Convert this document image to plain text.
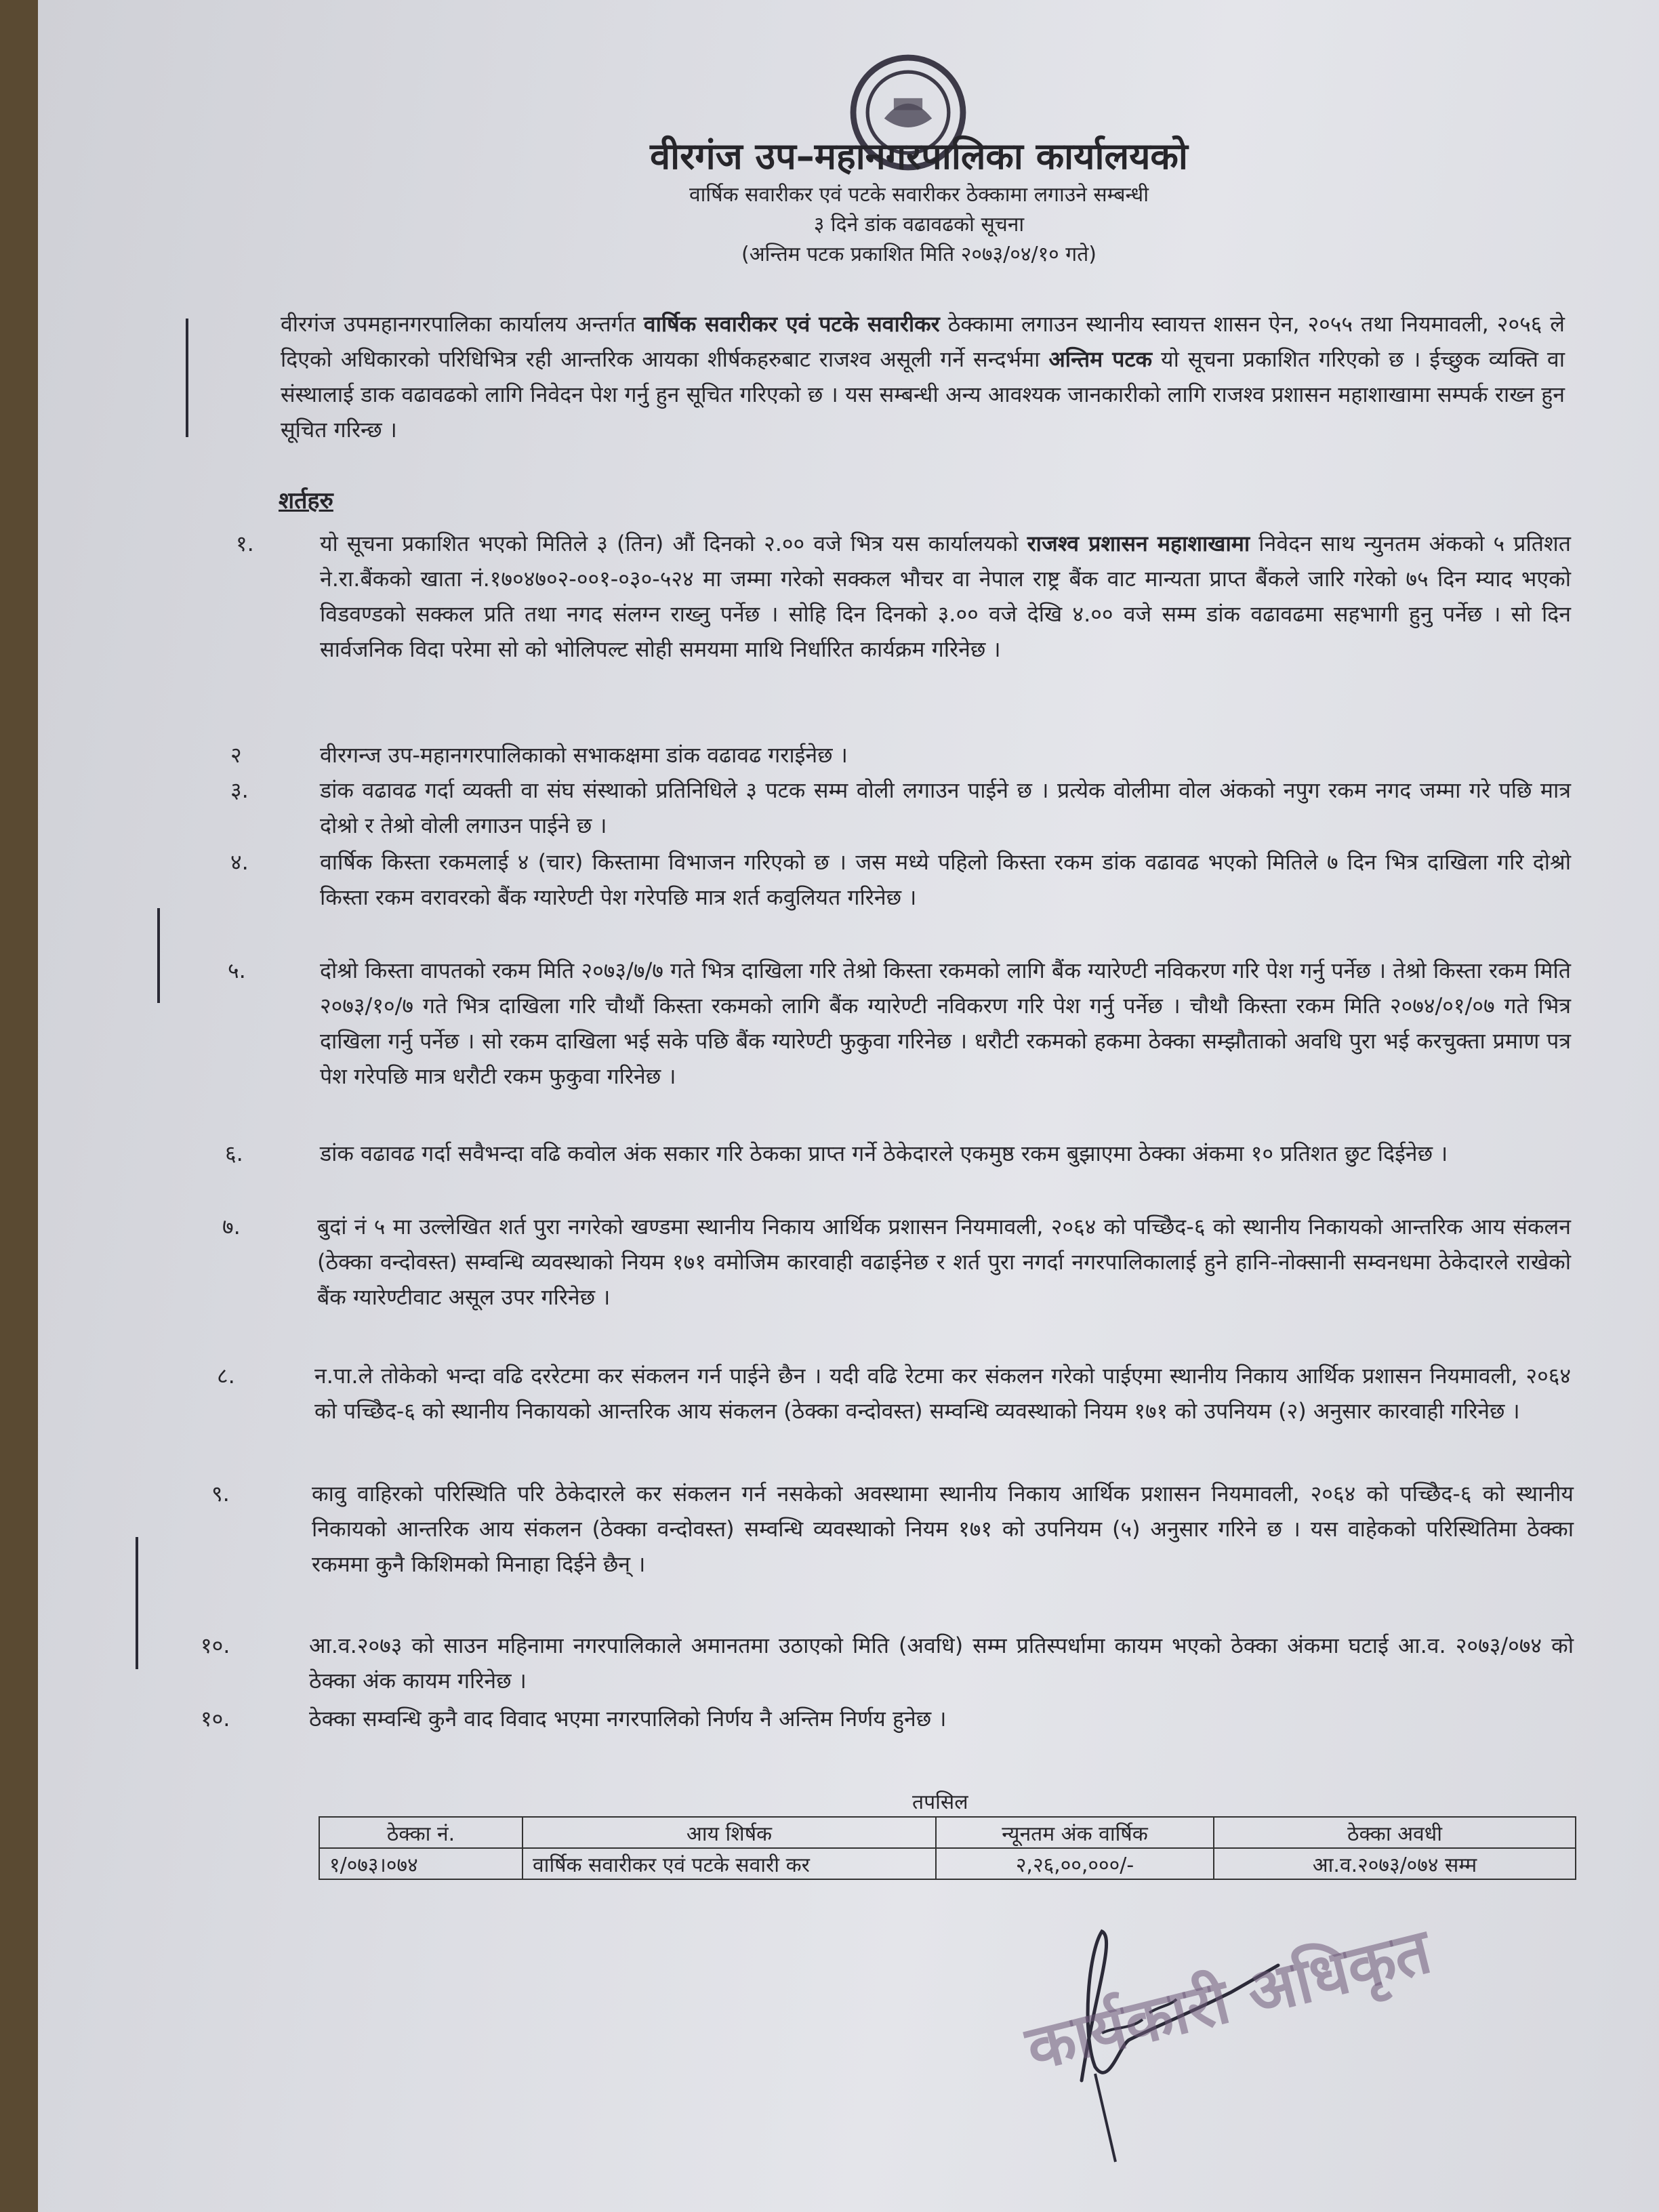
वीरगंज उप–महानगरपालिका कार्यालयको
वार्षिक सवारीकर एवं पटके सवारीकर ठेक्कामा लगाउने सम्बन्धी
३ दिने डांक वढावढको सूचना
(अन्तिम पटक प्रकाशित मिति २०७३/०४/१० गते)
वीरगंज उपमहानगरपालिका कार्यालय अन्तर्गत वार्षिक सवारीकर एवं पटके सवारीकर ठेक्कामा लगाउन स्थानीय स्वायत्त शासन ऐन, २०५५ तथा नियमावली, २०५६ ले दिएको अधिकारको परिधिभित्र रही आन्तरिक आयका शीर्षकहरुबाट राजश्व असूली गर्ने सन्दर्भमा अन्तिम पटक यो सूचना प्रकाशित गरिएको छ । ईच्छुक व्यक्ति वा संस्थालाई डाक वढावढको लागि निवेदन पेश गर्नु हुन सूचित गरिएको छ । यस सम्बन्धी अन्य आवश्यक जानकारीको लागि राजश्व प्रशासन महाशाखामा सम्पर्क राख्न हुन सूचित गरिन्छ ।
शर्तहरु
१.	यो सूचना प्रकाशित भएको मितिले ३ (तिन) औं दिनको २.०० वजे भित्र यस कार्यालयको राजश्व प्रशासन महाशाखामा निवेदन साथ न्युनतम अंकको ५ प्रतिशत ने.रा.बैंकको खाता नं.१७०४७०२-००१-०३०-५२४ मा जम्मा गरेको सक्कल भौचर वा नेपाल राष्ट्र बैंक वाट मान्यता प्राप्त बैंकले जारि गरेको ७५ दिन म्याद भएको विडवण्डको सक्कल प्रति तथा नगद संलग्न राख्नु पर्नेछ । सोहि दिन दिनको ३.०० वजे देखि ४.०० वजे सम्म डांक वढावढमा सहभागी हुनु पर्नेछ । सो दिन सार्वजनिक विदा परेमा सो को भोलिपल्ट सोही समयमा माथि निर्धारित कार्यक्रम गरिनेछ ।
२	वीरगन्ज उप-महानगरपालिकाको सभाकक्षमा डांक वढावढ गराईनेछ ।
३.	डांक वढावढ गर्दा व्यक्ती वा संघ संस्थाको प्रतिनिधिले ३ पटक सम्म वोली लगाउन पाईने छ । प्रत्येक वोलीमा वोल अंकको नपुग रकम नगद जम्मा गरे पछि मात्र दोश्रो र तेश्रो वोली लगाउन पाईने छ ।
४.	वार्षिक किस्ता रकमलाई ४ (चार) किस्तामा विभाजन गरिएको छ । जस मध्ये पहिलो किस्ता रकम डांक वढावढ भएको मितिले ७ दिन भित्र दाखिला गरि दोश्रो किस्ता रकम वरावरको बैंक ग्यारेण्टी पेश गरेपछि मात्र शर्त कवुलियत गरिनेछ ।
५.	दोश्रो किस्ता वापतको रकम मिति २०७३/७/७ गते भित्र दाखिला गरि तेश्रो किस्ता रकमको लागि बैंक ग्यारेण्टी नविकरण गरि पेश गर्नु पर्नेछ । तेश्रो किस्ता रकम मिति २०७३/१०/७ गते भित्र दाखिला गरि चौथौं किस्ता रकमको लागि बैंक ग्यारेण्टी नविकरण गरि पेश गर्नु पर्नेछ । चौथौ किस्ता रकम मिति २०७४/०१/०७ गते भित्र दाखिला गर्नु पर्नेछ । सो रकम दाखिला भई सके पछि बैंक ग्यारेण्टी फुकुवा गरिनेछ । धरौटी रकमको हकमा ठेक्का सम्झौताको अवधि पुरा भई करचुक्ता प्रमाण पत्र पेश गरेपछि मात्र धरौटी रकम फुकुवा गरिनेछ ।
६.	डांक वढावढ गर्दा सवैभन्दा वढि कवोल अंक सकार गरि ठेकका प्राप्त गर्ने ठेकेदारले एकमुष्ठ रकम बुझाएमा ठेक्का अंकमा १० प्रतिशत छुट दिईनेछ ।
७.	बुदां नं ५ मा उल्लेखित शर्त पुरा नगरेको खण्डमा स्थानीय निकाय आर्थिक प्रशासन नियमावली, २०६४ को पच्छिेद-६ को स्थानीय निकायको आन्तरिक आय संकलन (ठेक्का वन्दोवस्त) सम्वन्धि व्यवस्थाको नियम १७१ वमोजिम कारवाही वढाईनेछ र शर्त पुरा नगर्दा नगरपालिकालाई हुने हानि-नोक्सानी सम्वनधमा ठेकेदारले राखेको बैंक ग्यारेण्टीवाट असूल उपर गरिनेछ ।
८.	न.पा.ले तोकेको भन्दा वढि दररेटमा कर संकलन गर्न पाईने छैन । यदी वढि रेटमा कर संकलन गरेको पाईएमा स्थानीय निकाय आर्थिक प्रशासन नियमावली, २०६४ को पच्छिेद-६ को स्थानीय निकायको आन्तरिक आय संकलन (ठेक्का वन्दोवस्त) सम्वन्धि व्यवस्थाको नियम १७१ को उपनियम (२) अनुसार कारवाही गरिनेछ ।
९.	कावु वाहिरको परिस्थिति परि ठेकेदारले कर संकलन गर्न नसकेको अवस्थामा स्थानीय निकाय आर्थिक प्रशासन नियमावली, २०६४ को पच्छिेद-६ को स्थानीय निकायको आन्तरिक आय संकलन (ठेक्का वन्दोवस्त) सम्वन्धि व्यवस्थाको नियम १७१ को उपनियम (५) अनुसार गरिने छ । यस वाहेकको परिस्थितिमा ठेक्का रकममा कुनै किशिमको मिनाहा दिईने छैन् ।
१०.	आ.व.२०७३ को साउन महिनामा नगरपालिकाले अमानतमा उठाएको मिति (अवधि) सम्म प्रतिस्पर्धामा कायम भएको ठेक्का अंकमा घटाई आ.व. २०७३/०७४ को ठेक्का अंक कायम गरिनेछ ।
१०.	ठेक्का सम्वन्धि कुनै वाद विवाद भएमा नगरपालिको निर्णय नै अन्तिम निर्णय हुनेछ ।
तपसिल
ठेक्का नं.	आय शिर्षक	न्यूनतम अंक वार्षिक	ठेक्का अवधी
१/०७३।०७४	वार्षिक सवारीकर एवं पटके सवारी कर	२,२६,००,०००/-	आ.व.२०७३/०७४ सम्म
कार्यकारी अधिकृत
